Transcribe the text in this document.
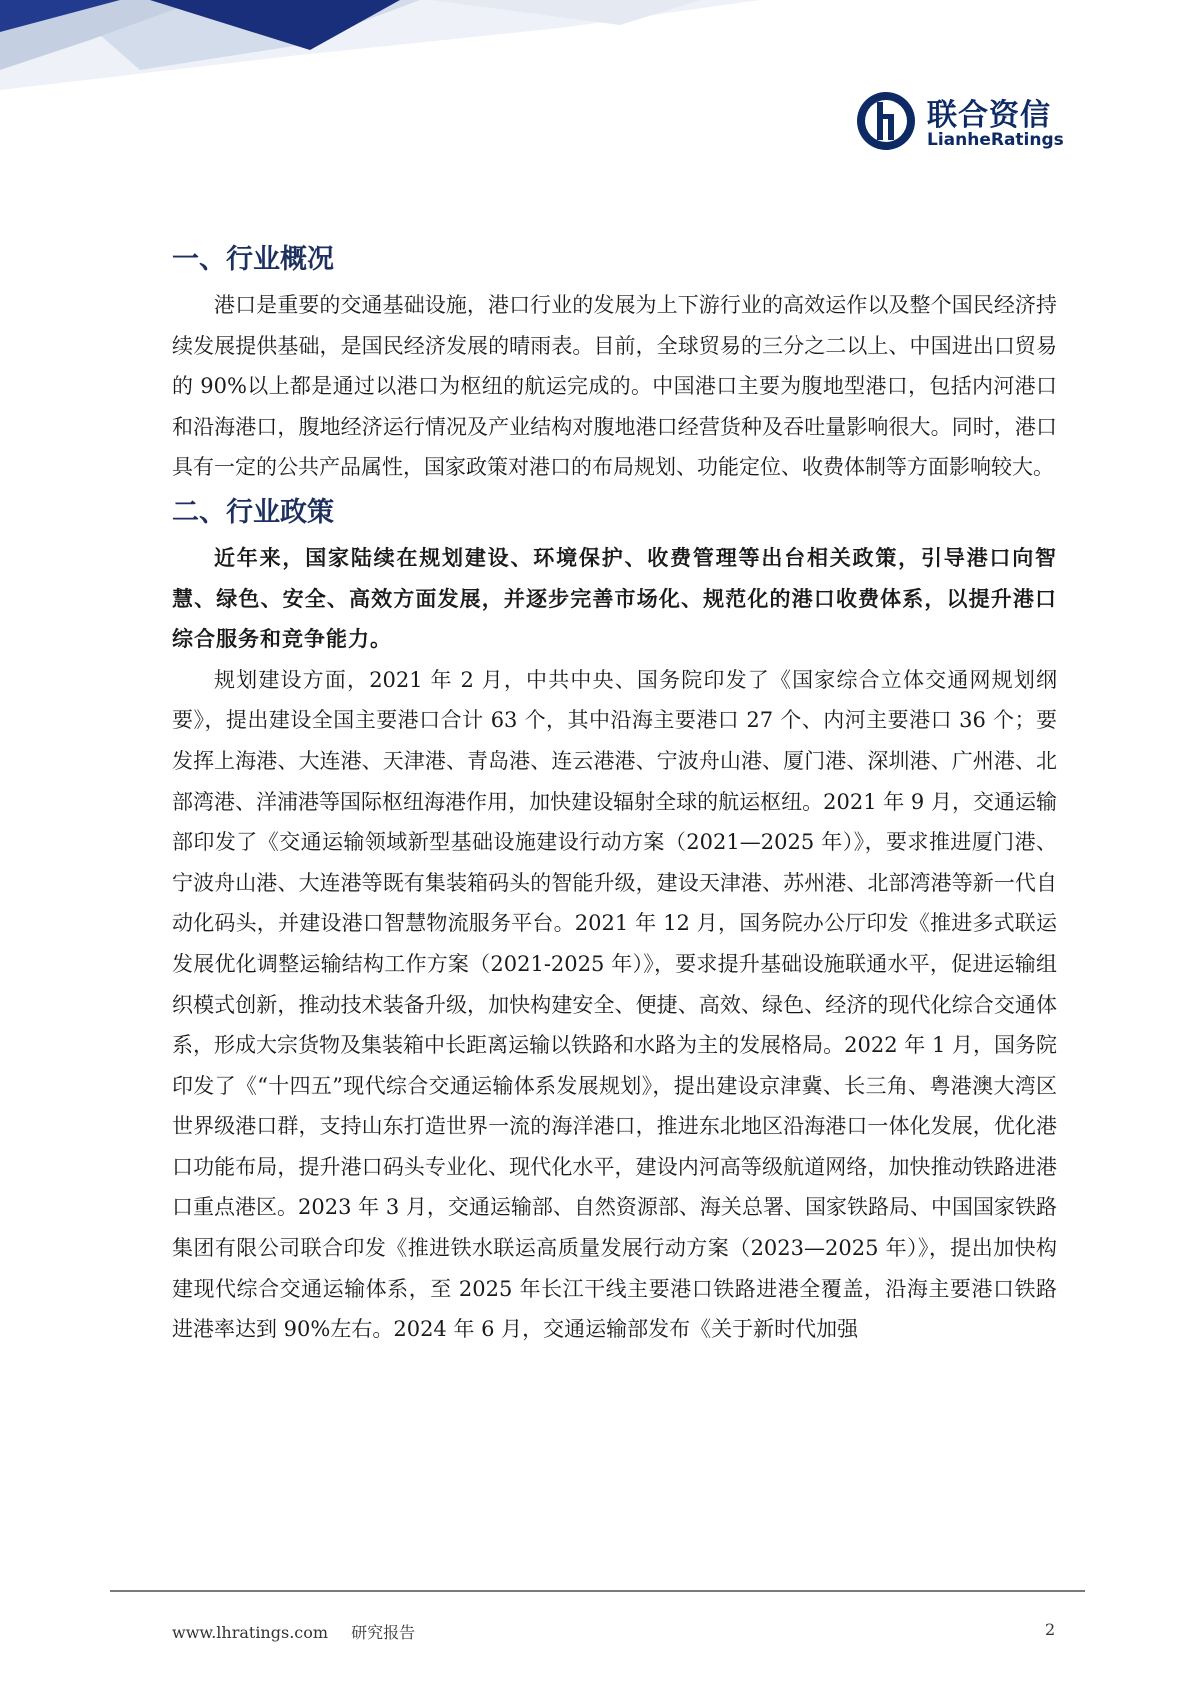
联合资信
LianheRatings
一、行业概况

港口是重要的交通基础设施，港口行业的发展为上下游行业的高效运作以及整个国民经济持续发展提供基础，是国民经济发展的晴雨表。目前，全球贸易的三分之二以上、中国进出口贸易的 90%以上都是通过以港口为枢纽的航运完成的。中国港口主要为腹地型港口，包括内河港口和沿海港口，腹地经济运行情况及产业结构对腹地港口经营货种及吞吐量影响很大。同时，港口具有一定的公共产品属性，国家政策对港口的布局规划、功能定位、收费体制等方面影响较大。

二、行业政策

近年来，国家陆续在规划建设、环境保护、收费管理等出台相关政策，引导港口向智慧、绿色、安全、高效方面发展，并逐步完善市场化、规范化的港口收费体系，以提升港口综合服务和竞争能力。

规划建设方面，2021 年 2 月，中共中央、国务院印发了《国家综合立体交通网规划纲要》，提出建设全国主要港口合计 63 个，其中沿海主要港口 27 个、内河主要港口 36 个；要发挥上海港、大连港、天津港、青岛港、连云港港、宁波舟山港、厦门港、深圳港、广州港、北部湾港、洋浦港等国际枢纽海港作用，加快建设辐射全球的航运枢纽。2021 年 9 月，交通运输部印发了《交通运输领域新型基础设施建设行动方案（2021—2025 年）》，要求推进厦门港、宁波舟山港、大连港等既有集装箱码头的智能升级，建设天津港、苏州港、北部湾港等新一代自动化码头，并建设港口智慧物流服务平台。2021 年 12 月，国务院办公厅印发《推进多式联运发展优化调整运输结构工作方案（2021-2025 年）》，要求提升基础设施联通水平，促进运输组织模式创新，推动技术装备升级，加快构建安全、便捷、高效、绿色、经济的现代化综合交通体系，形成大宗货物及集装箱中长距离运输以铁路和水路为主的发展格局。2022 年 1 月，国务院印发了《“十四五”现代综合交通运输体系发展规划》，提出建设京津冀、长三角、粤港澳大湾区世界级港口群，支持山东打造世界一流的海洋港口，推进东北地区沿海港口一体化发展，优化港口功能布局，提升港口码头专业化、现代化水平，建设内河高等级航道网络，加快推动铁路进港口重点港区。2023 年 3 月，交通运输部、自然资源部、海关总署、国家铁路局、中国国家铁路集团有限公司联合印发《推进铁水联运高质量发展行动方案（2023—2025 年）》，提出加快构建现代综合交通运输体系，至 2025 年长江干线主要港口铁路进港全覆盖，沿海主要港口铁路进港率达到 90%左右。2024 年 6 月，交通运输部发布《关于新时代加强

www.lhratings.com 研究报告	2
